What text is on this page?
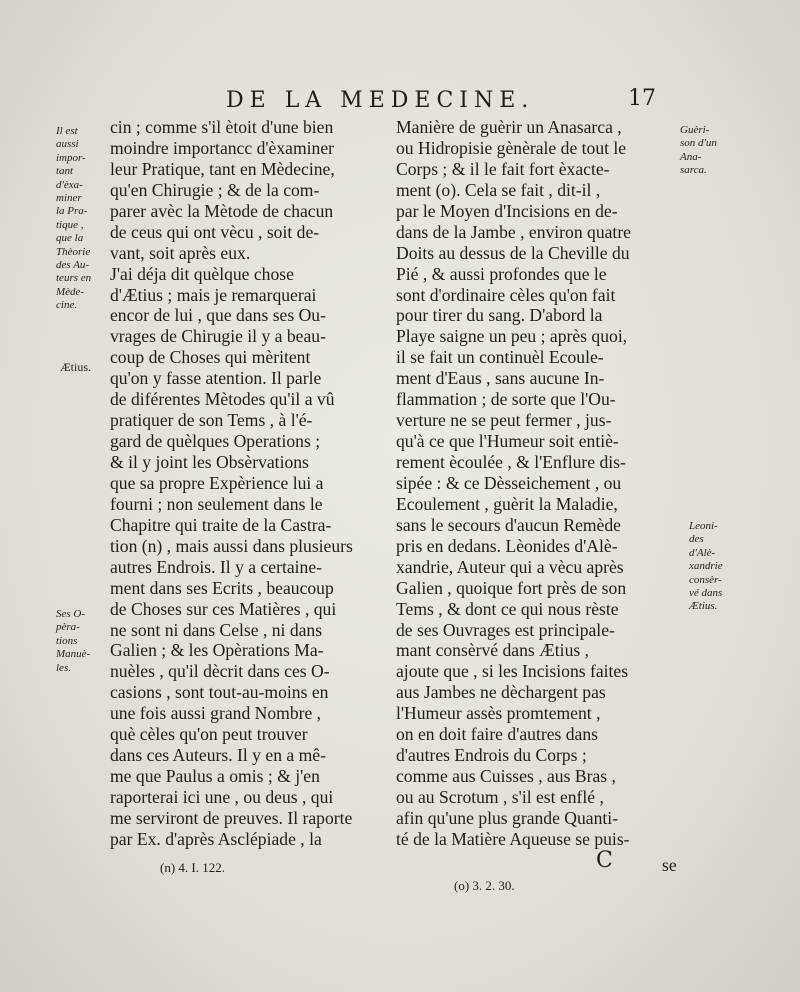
DE LA MEDECINE.	17
cin ; comme s'il ètoit d'une bien
moindre importancc d'èxaminer
leur Pratique, tant en Mèdecine,
qu'en Chirugie ; & de la com-
parer avèc la Mètode de chacun
de ceus qui ont vècu , soit de-
vant, soit après eux.
J'ai déja dit quèlque chose
d'Ætius ; mais je remarquerai
encor de lui , que dans ses Ou-
vrages de Chirugie il y a beau-
coup de Choses qui mèritent
qu'on y fasse atention. Il parle
de diférentes Mètodes qu'il a vû
pratiquer de son Tems , à l'é-
gard de quèlques Operations ;
& il y joint les Obsèrvations
que sa propre Expèrience lui a
fourni ; non seulement dans le
Chapitre qui traite de la Castra-
tion (n) , mais aussi dans plusieurs
autres Endrois. Il y a certaine-
ment dans ses Ecrits , beaucoup
de Choses sur ces Matières , qui
ne sont ni dans Celse , ni dans
Galien ; & les Opèrations Ma-
nuèles , qu'il dècrit dans ces O-
casions , sont tout-au-moins en
une fois aussi grand Nombre ,
què cèles qu'on peut trouver
dans ces Auteurs. Il y en a mê-
me que Paulus a omis ; & j'en
raporterai ici une , ou deus , qui
me serviront de preuves. Il raporte
par Ex. d'après Asclépiade , la
Manière de guèrir un Anasarca ,
ou Hidropisie gènèrale de tout le
Corps ; & il le fait fort èxacte-
ment (o). Cela se fait , dit-il ,
par le Moyen d'Incisions en de-
dans de la Jambe , environ quatre
Doits au dessus de la Cheville du
Pié , & aussi profondes que le
sont d'ordinaire cèles qu'on fait
pour tirer du sang. D'abord la
Playe saigne un peu ; après quoi,
il se fait un continuèl Ecoule-
ment d'Eaus , sans aucune In-
flammation ; de sorte que l'Ou-
verture ne se peut fermer , jus-
qu'à ce que l'Humeur soit entiè-
rement ècoulée , & l'Enflure dis-
sipée : & ce Dèsseichement , ou
Ecoulement , guèrit la Maladie,
sans le secours d'aucun Remède
pris en dedans. Lèonides d'Alè-
xandrie, Auteur qui a vècu après
Galien , quoique fort près de son
Tems , & dont ce qui nous rèste
de ses Ouvrages est principale-
mant consèrvé dans Ætius ,
ajoute que , si les Incisions faites
aus Jambes ne dèchargent pas
l'Humeur assès promtement ,
on en doit faire d'autres dans
d'autres Endrois du Corps ;
comme aus Cuisses , aus Bras ,
ou au Scrotum , s'il est enflé ,
afin qu'une plus grande Quanti-
té de la Matière Aqueuse se puis-
Il est
aussi
impor-
tant
d'èxa-
miner
la Pra-
tique ,
que la
Thèorie
des Au-
teurs en
Mède-
cine.
Ætius.
Ses O-
pèra-
tions
Manuè-
les.
Guèri-
son d'un
Ana-
sarca.
Leoni-
des
d'Alè-
xandrie
consèr-
vé dans
Ætius.
(n) 4. I. 122.
(o) 3. 2. 30.
C	se
